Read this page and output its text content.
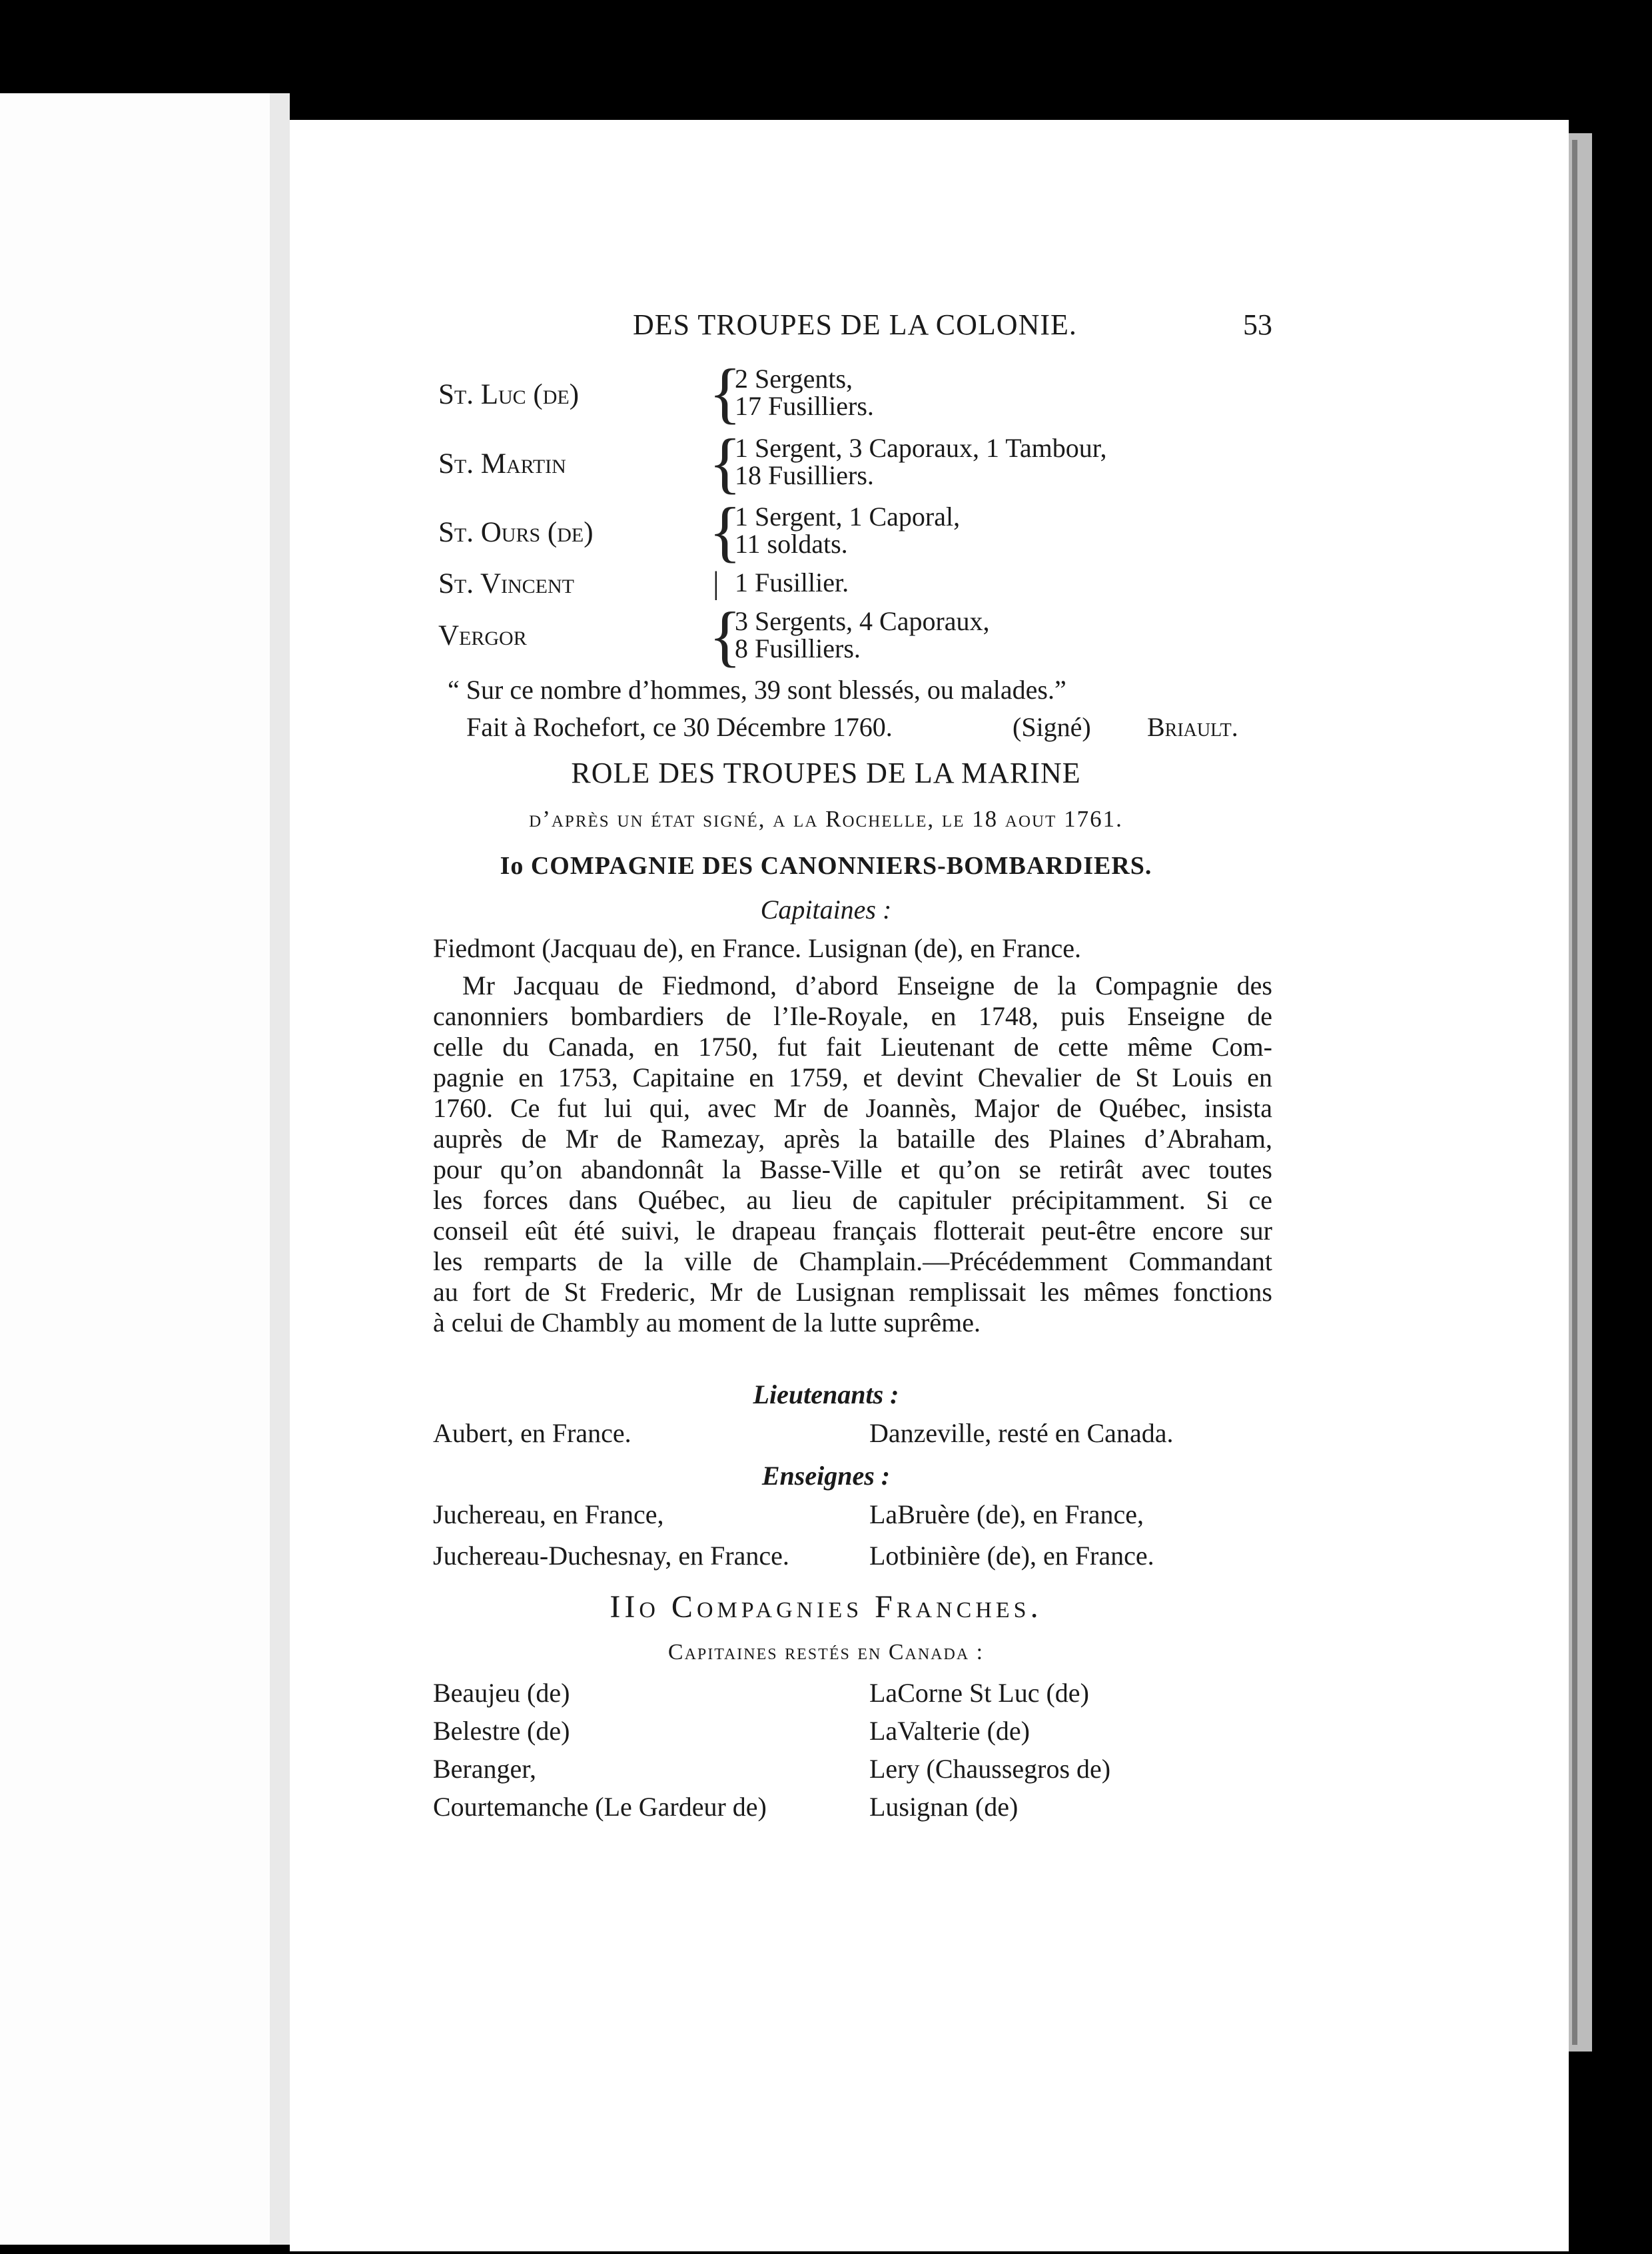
DES TROUPES DE LA COLONIE.	53
St. Luc (de) {
2 Sergents,
17 Fusilliers.
St. Martin {
1 Sergent, 3 Caporaux, 1 Tambour,
18 Fusilliers.
St. Ours (de) {
1 Sergent, 1 Caporal,
11 soldats.
St. Vincent	| 1 Fusillier.
Vergor	{
3 Sergents, 4 Caporaux,
8 Fusilliers.
“ Sur ce nombre d’hommes, 39 sont blessés, ou malades.”
Fait à Rochefort, ce 30 Décembre 1760.	(Signé) Briault.
ROLE DES TROUPES DE LA MARINE
d’après un état signé, a la Rochelle, le 18 aout 1761.
Io COMPAGNIE DES CANONNIERS-BOMBARDIERS.
Capitaines :
Fiedmont (Jacquau de), en France. Lusignan (de), en France.
Mr Jacquau de Fiedmond, d’abord Enseigne de la Compagnie des
canonniers bombardiers de l’Ile-Royale, en 1748, puis Enseigne de
celle du Canada, en 1750, fut fait Lieutenant de cette même Com-
pagnie en 1753, Capitaine en 1759, et devint Chevalier de St Louis en
1760. Ce fut lui qui, avec Mr de Joannès, Major de Québec, insista
auprès de Mr de Ramezay, après la bataille des Plaines d’Abraham,
pour qu’on abandonnât la Basse-Ville et qu’on se retirât avec toutes
les forces dans Québec, au lieu de capituler précipitamment. Si ce
conseil eût été suivi, le drapeau français flotterait peut-être encore sur
les remparts de la ville de Champlain.—Précédemment Commandant
au fort de St Frederic, Mr de Lusignan remplissait les mêmes fonctions
à celui de Chambly au moment de la lutte suprême.
Lieutenants :
Aubert, en France.	Danzeville, resté en Canada.
Enseignes :
Juchereau, en France,	LaBruère (de), en France,
Juchereau-Duchesnay, en France.	Lotbinière (de), en France.
IIo Compagnies Franches.
Capitaines restés en Canada :
Beaujeu (de)	LaCorne St Luc (de)
Belestre (de)	LaValterie (de)
Beranger,	Lery (Chaussegros de)
Courtemanche (Le Gardeur de)	Lusignan (de)
